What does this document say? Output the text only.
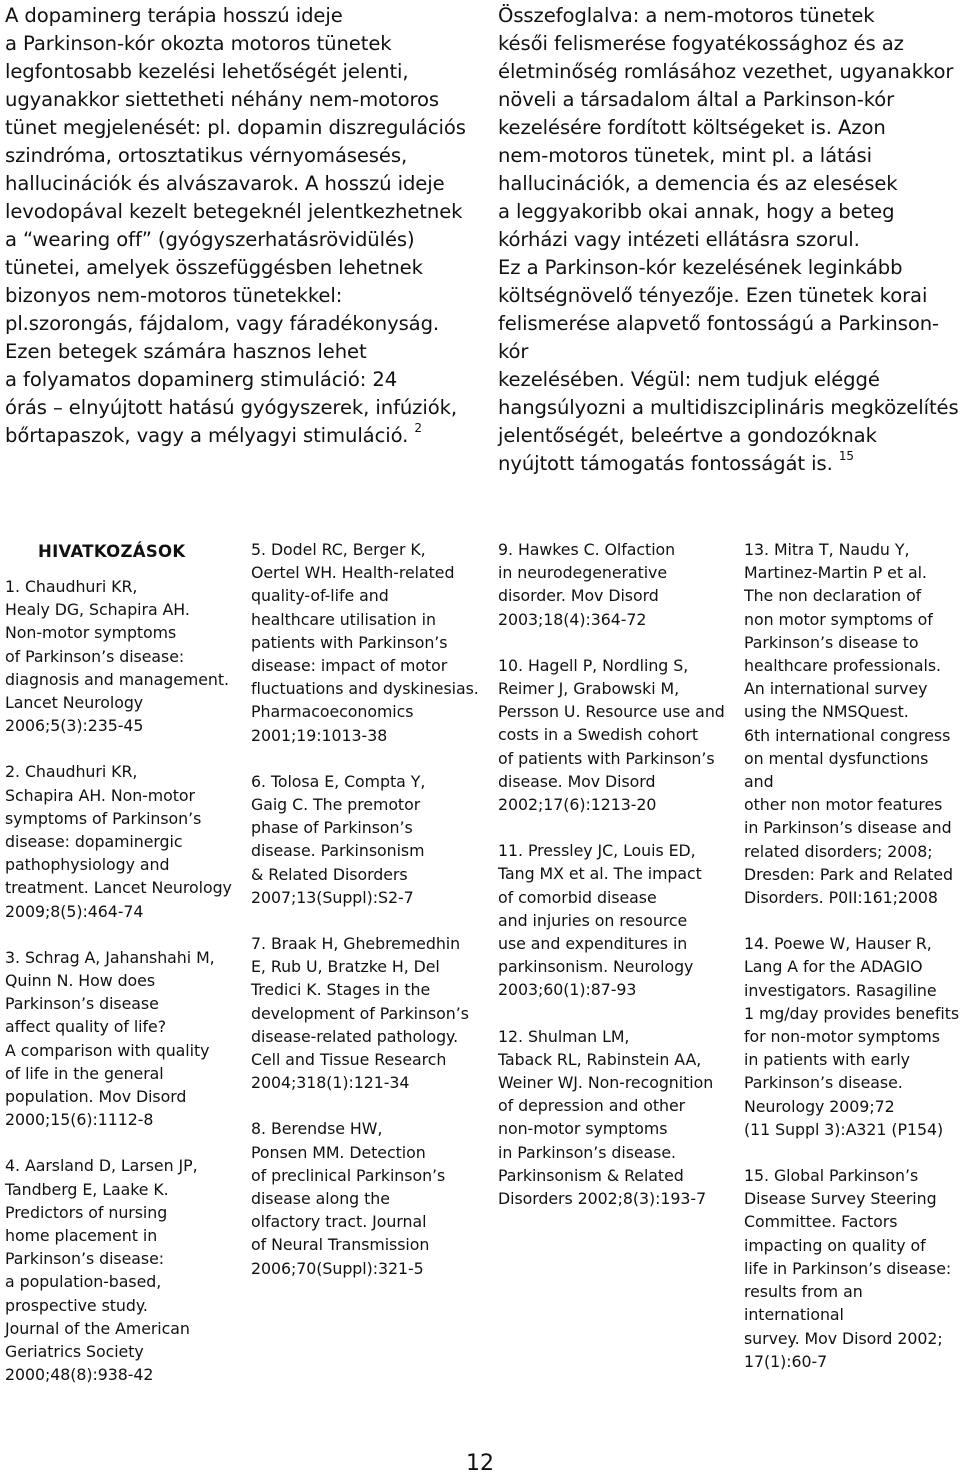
A dopaminerg terápia hosszú ideje
a Parkinson-kór okozta motoros tünetek
legfontosabb kezelési lehetőségét jelenti,
ugyanakkor siettetheti néhány nem-motoros
tünet megjelenését: pl. dopamin diszregulációs
szindróma, ortosztatikus vérnyomásesés,
hallucinációk és alvászavarok. A hosszú ideje
levodopával kezelt betegeknél jelentkezhetnek
a “wearing off” (gyógyszerhatásrövidülés)
tünetei, amelyek összefüggésben lehetnek
bizonyos nem-motoros tünetekkel:
pl.szorongás, fájdalom, vagy fáradékonyság.
Ezen betegek számára hasznos lehet
a folyamatos dopaminerg stimuláció: 24
órás – elnyújtott hatású gyógyszerek, infúziók,
bőrtapaszok, vagy a mélyagyi stimuláció. $^2$

Összefoglalva: a nem-motoros tünetek
késői felismerése fogyatékossághoz és az
életminőség romlásához vezethet, ugyanakkor
növeli a társadalom által a Parkinson-kór
kezelésére fordított költségeket is. Azon
nem-motoros tünetek, mint pl. a látási
hallucinációk, a demencia és az elesések
a leggyakoribb okai annak, hogy a beteg
kórházi vagy intézeti ellátásra szorul.
Ez a Parkinson-kór kezelésének leginkább
költségnövelő tényezője. Ezen tünetek korai
felismerése alapvető fontosságú a Parkinson-kór
kezelésében. Végül: nem tudjuk eléggé
hangsúlyozni a multidiszciplináris megközelítés
jelentőségét, beleértve a gondozóknak
nyújtott támogatás fontosságát is. $^{15}$

HIVATKOZÁSOK

1. Chaudhuri KR,
Healy DG, Schapira AH.
Non-motor symptoms
of Parkinson’s disease:
diagnosis and management.
Lancet Neurology
2006;5(3):235-45

2. Chaudhuri KR,
Schapira AH. Non-motor
symptoms of Parkinson’s
disease: dopaminergic
pathophysiology and
treatment. Lancet Neurology
2009;8(5):464-74

3. Schrag A, Jahanshahi M,
Quinn N. How does
Parkinson’s disease
affect quality of life?
A comparison with quality
of life in the general
population. Mov Disord
2000;15(6):1112-8

4. Aarsland D, Larsen JP,
Tandberg E, Laake K.
Predictors of nursing
home placement in
Parkinson’s disease:
a population-based,
prospective study.
Journal of the American
Geriatrics Society
2000;48(8):938-42

5. Dodel RC, Berger K,
Oertel WH. Health-related
quality-of-life and
healthcare utilisation in
patients with Parkinson’s
disease: impact of motor
fluctuations and dyskinesias.
Pharmacoeconomics
2001;19:1013-38

6. Tolosa E, Compta Y,
Gaig C. The premotor
phase of Parkinson’s
disease. Parkinsonism
& Related Disorders
2007;13(Suppl):S2-7

7. Braak H, Ghebremedhin
E, Rub U, Bratzke H, Del
Tredici K. Stages in the
development of Parkinson’s
disease-related pathology.
Cell and Tissue Research
2004;318(1):121-34

8. Berendse HW,
Ponsen MM. Detection
of preclinical Parkinson’s
disease along the
olfactory tract. Journal
of Neural Transmission
2006;70(Suppl):321-5

9. Hawkes C. Olfaction
in neurodegenerative
disorder. Mov Disord
2003;18(4):364-72

10. Hagell P, Nordling S,
Reimer J, Grabowski M,
Persson U. Resource use and
costs in a Swedish cohort
of patients with Parkinson’s
disease. Mov Disord
2002;17(6):1213-20

11. Pressley JC, Louis ED,
Tang MX et al. The impact
of comorbid disease
and injuries on resource
use and expenditures in
parkinsonism. Neurology
2003;60(1):87-93

12. Shulman LM,
Taback RL, Rabinstein AA,
Weiner WJ. Non-recognition
of depression and other
non-motor symptoms
in Parkinson’s disease.
Parkinsonism & Related
Disorders 2002;8(3):193-7

13. Mitra T, Naudu Y,
Martinez-Martin P et al.
The non declaration of
non motor symptoms of
Parkinson’s disease to
healthcare professionals.
An international survey
using the NMSQuest.
6th international congress
on mental dysfunctions and
other non motor features
in Parkinson’s disease and
related disorders; 2008;
Dresden: Park and Related
Disorders. P0II:161;2008

14. Poewe W, Hauser R,
Lang A for the ADAGIO
investigators. Rasagiline
1 mg/day provides benefits
for non-motor symptoms
in patients with early
Parkinson’s disease.
Neurology 2009;72
(11 Suppl 3):A321 (P154)

15. Global Parkinson’s
Disease Survey Steering
Committee. Factors
impacting on quality of
life in Parkinson’s disease:
results from an international
survey. Mov Disord 2002;
17(1):60-7

12
